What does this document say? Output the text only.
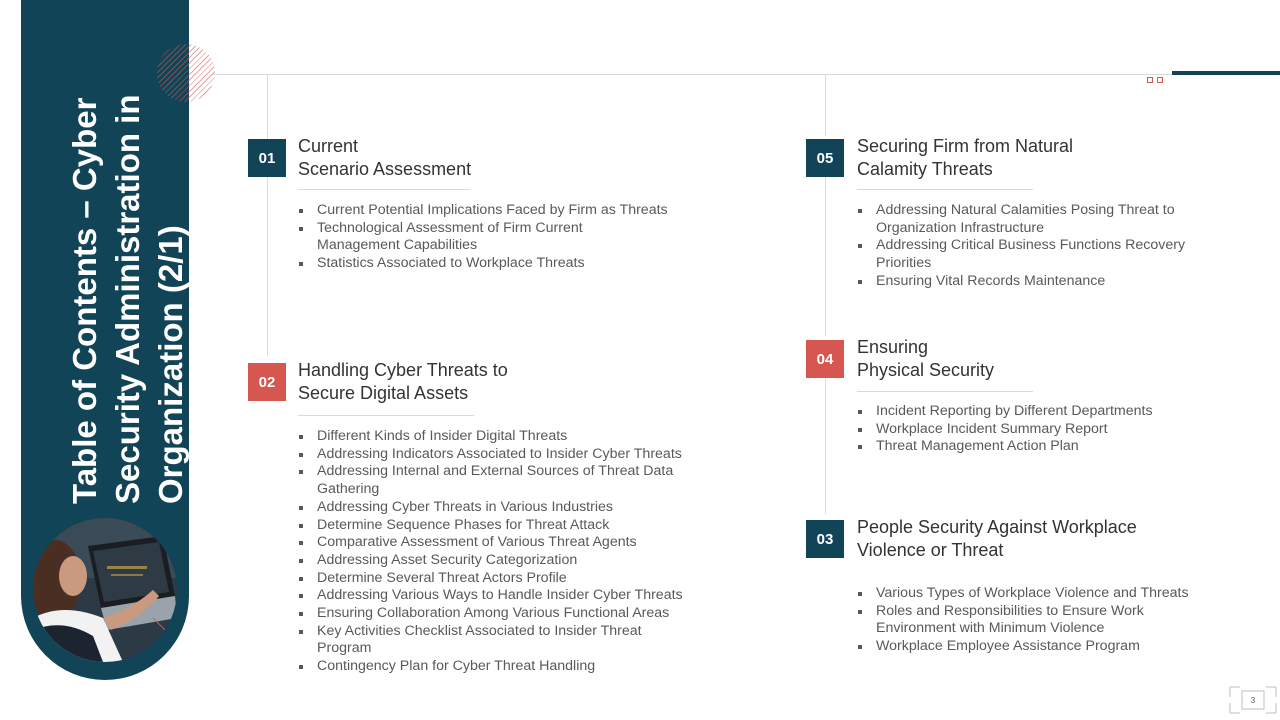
Table of Contents – Cyber Security Administration in Organization (2/1)
01
Current
Scenario Assessment
Current Potential Implications Faced by Firm as Threats
Technological Assessment of Firm Current Management Capabilities
Statistics Associated to Workplace Threats
02
Handling Cyber Threats to
Secure Digital Assets
Different Kinds of Insider Digital Threats
Addressing Indicators Associated to Insider Cyber Threats
Addressing Internal and External Sources of Threat Data Gathering
Addressing Cyber Threats in Various Industries
Determine Sequence Phases for Threat Attack
Comparative Assessment of Various Threat Agents
Addressing Asset Security Categorization
Determine Several Threat Actors Profile
Addressing Various Ways to Handle Insider Cyber Threats
Ensuring Collaboration Among Various Functional Areas
Key Activities Checklist Associated to Insider Threat Program
Contingency Plan for Cyber Threat Handling
05
Securing Firm from Natural
Calamity Threats
Addressing Natural Calamities Posing Threat to Organization Infrastructure
Addressing Critical Business Functions Recovery Priorities
Ensuring Vital Records Maintenance
04
Ensuring
Physical Security
Incident Reporting by Different Departments
Workplace Incident Summary Report
Threat Management Action Plan
03
People Security Against Workplace
Violence or Threat
Various Types of Workplace Violence and Threats
Roles and Responsibilities to Ensure Work Environment with Minimum Violence
Workplace Employee Assistance Program
3
